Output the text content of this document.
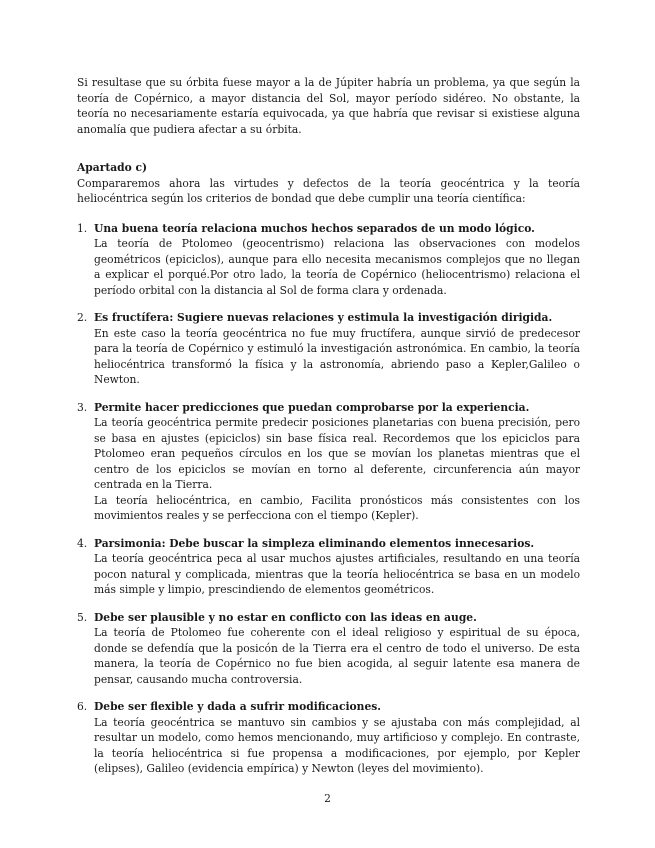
Si resultase que su órbita fuese mayor a la de Júpiter habría un problema, ya que según la teoría de Copérnico, a mayor distancia del Sol, mayor período sidéreo. No obstante, la teoría no necesariamente estaría equivocada, ya que habría que revisar si existiese alguna anomalía que pudiera afectar a su órbita.

Apartado c)

Compararemos ahora las virtudes y defectos de la teoría geocéntrica y la teoría heliocéntrica según los criterios de bondad que debe cumplir una teoría científica:

1. Una buena teoría relaciona muchos hechos separados de un modo lógico.
La teoría de Ptolomeo (geocentrismo) relaciona las observaciones con modelos geométricos (epiciclos), aunque para ello necesita mecanismos complejos que no llegan a explicar el porqué.Por otro lado, la teoría de Copérnico (heliocentrismo) relaciona el período orbital con la distancia al Sol de forma clara y ordenada.
2. Es fructífera: Sugiere nuevas relaciones y estimula la investigación dirigida.
En este caso la teoría geocéntrica no fue muy fructífera, aunque sirvió de predecesor para la teoría de Copérnico y estimuló la investigación astronómica. En cambio, la teoría heliocéntrica transformó la física y la astronomía, abriendo paso a Kepler,Galileo o Newton.
3. Permite hacer predicciones que puedan comprobarse por la experiencia.
La teoría geocéntrica permite predecir posiciones planetarias con buena precisión, pero se basa en ajustes (epiciclos) sin base física real. Recordemos que los epiciclos para Ptolomeo eran pequeños círculos en los que se movían los planetas mientras que el centro de los epiciclos se movían en torno al deferente, circunferencia aún mayor centrada en la Tierra.
La teoría heliocéntrica, en cambio, Facilita pronósticos más consistentes con los movimientos reales y se perfecciona con el tiempo (Kepler).
4. Parsimonia: Debe buscar la simpleza eliminando elementos innecesarios.
La teoría geocéntrica peca al usar muchos ajustes artificiales, resultando en una teoría pocon natural y complicada, mientras que la teoría heliocéntrica se basa en un modelo más simple y limpio, prescindiendo de elementos geométricos.
5. Debe ser plausible y no estar en conflicto con las ideas en auge.
La teoría de Ptolomeo fue coherente con el ideal religioso y espiritual de su época, donde se defendía que la posicón de la Tierra era el centro de todo el universo. De esta manera, la teoría de Copérnico no fue bien acogida, al seguir latente esa manera de pensar, causando mucha controversia.
6. Debe ser flexible y dada a sufrir modificaciones.
La teoría geocéntrica se mantuvo sin cambios y se ajustaba con más complejidad, al resultar un modelo, como hemos mencionando, muy artificioso y complejo. En contraste, la teoría heliocéntrica si fue propensa a modificaciones, por ejemplo, por Kepler (elipses), Galileo (evidencia empírica) y Newton (leyes del movimiento).
2
